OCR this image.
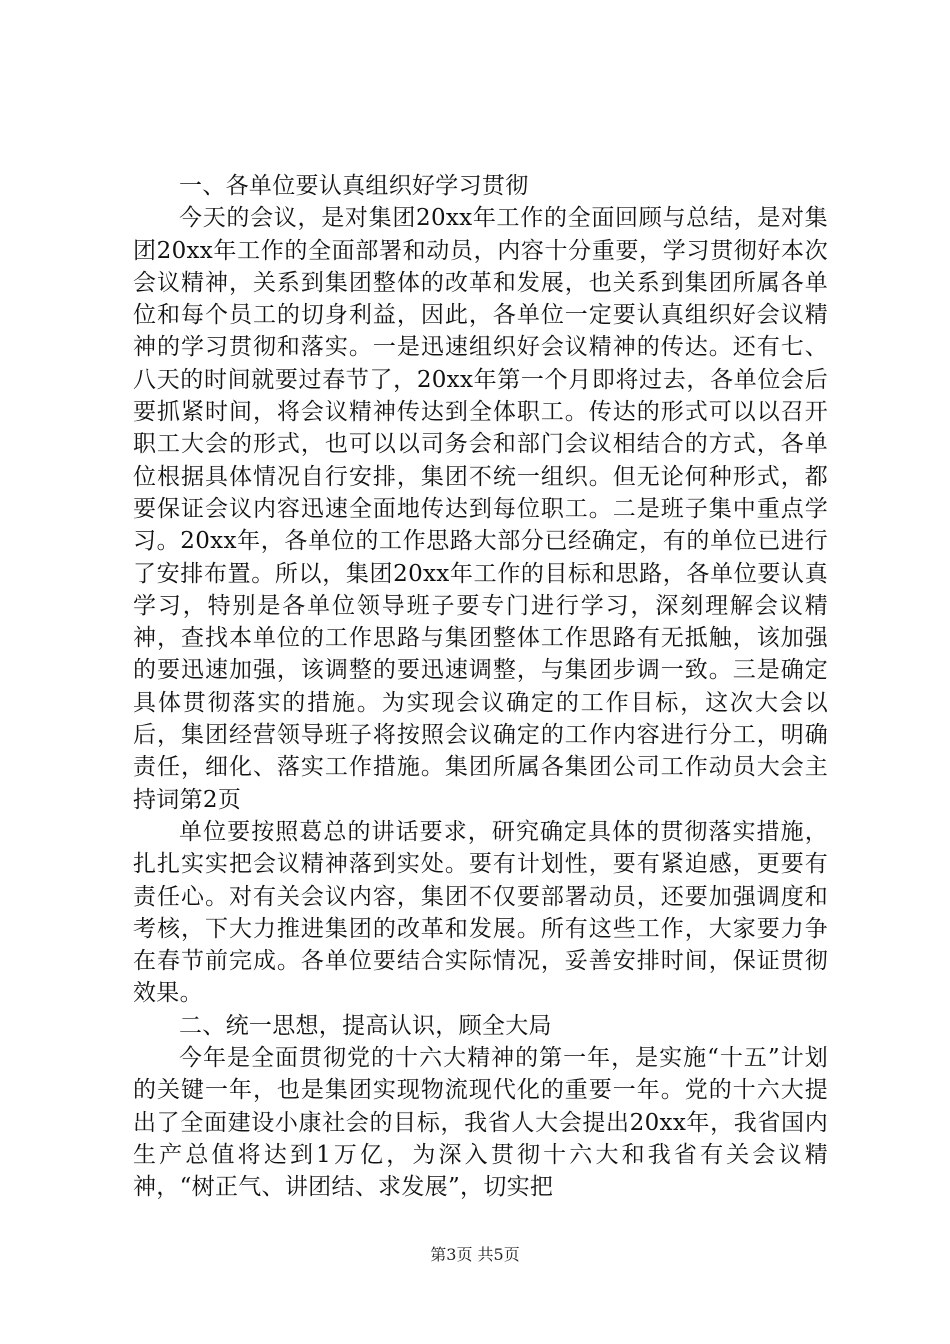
一、各单位要认真组织好学习贯彻

今天的会议，是对集团20xx年工作的全面回顾与总结，是对集团20xx年工作的全面部署和动员，内容十分重要，学习贯彻好本次会议精神，关系到集团整体的改革和发展，也关系到集团所属各单位和每个员工的切身利益，因此，各单位一定要认真组织好会议精神的学习贯彻和落实。一是迅速组织好会议精神的传达。还有七、八天的时间就要过春节了，20xx年第一个月即将过去，各单位会后要抓紧时间，将会议精神传达到全体职工。传达的形式可以以召开职工大会的形式，也可以以司务会和部门会议相结合的方式，各单位根据具体情况自行安排，集团不统一组织。但无论何种形式，都要保证会议内容迅速全面地传达到每位职工。二是班子集中重点学习。20xx年，各单位的工作思路大部分已经确定，有的单位已进行了安排布置。所以，集团20xx年工作的目标和思路，各单位要认真学习，特别是各单位领导班子要专门进行学习，深刻理解会议精神，查找本单位的工作思路与集团整体工作思路有无抵触，该加强的要迅速加强，该调整的要迅速调整，与集团步调一致。三是确定具体贯彻落实的措施。为实现会议确定的工作目标，这次大会以后，集团经营领导班子将按照会议确定的工作内容进行分工，明确责任，细化、落实工作措施。集团所属各集团公司工作动员大会主持词第2页

单位要按照葛总的讲话要求，研究确定具体的贯彻落实措施，扎扎实实把会议精神落到实处。要有计划性，要有紧迫感，更要有责任心。对有关会议内容，集团不仅要部署动员，还要加强调度和考核，下大力推进集团的改革和发展。所有这些工作，大家要力争在春节前完成。各单位要结合实际情况，妥善安排时间，保证贯彻效果。

二、统一思想，提高认识，顾全大局

今年是全面贯彻党的十六大精神的第一年，是实施“十五”计划的关键一年，也是集团实现物流现代化的重要一年。党的十六大提出了全面建设小康社会的目标，我省人大会提出20xx年，我省国内生产总值将达到1万亿，为深入贯彻十六大和我省有关会议精神，“树正气、讲团结、求发展”，切实把

第3页 共5页
